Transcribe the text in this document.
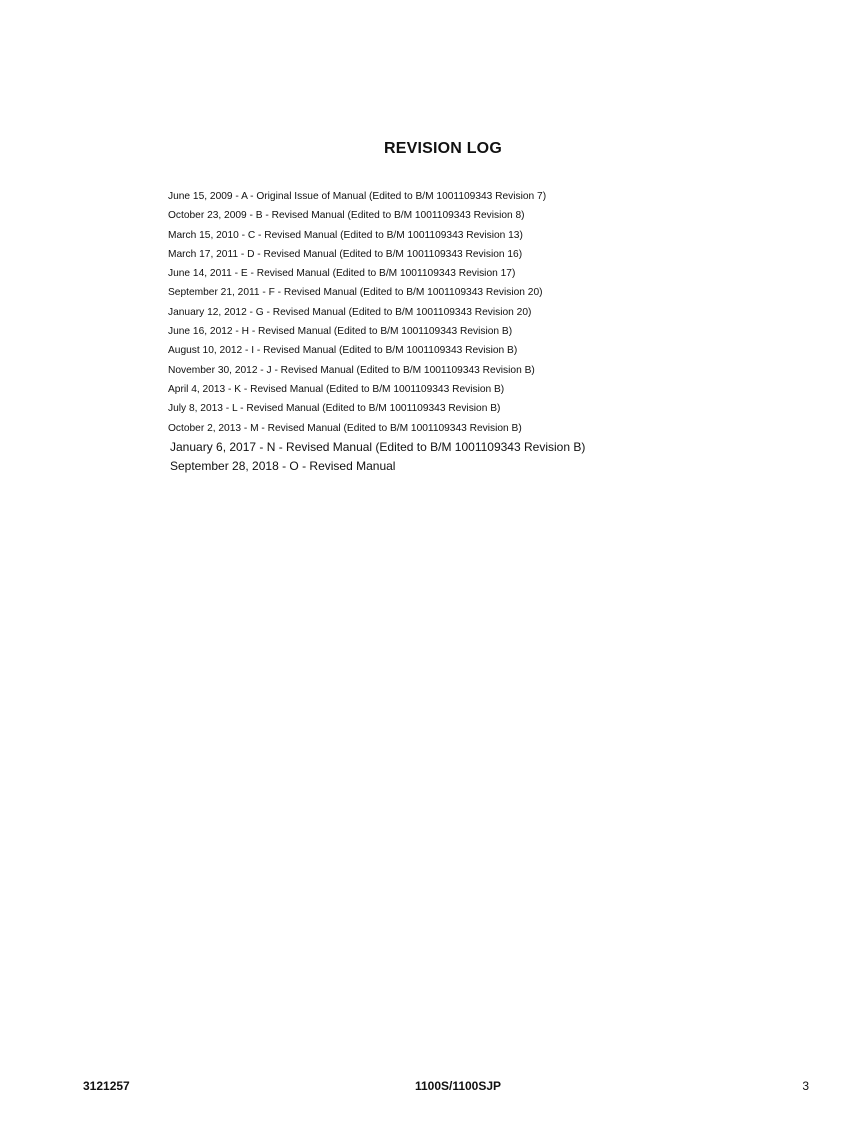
REVISION LOG
June 15, 2009 - A - Original Issue of Manual (Edited to B/M 1001109343 Revision 7)
October 23, 2009 - B - Revised Manual (Edited to B/M 1001109343 Revision 8)
March 15, 2010 - C - Revised Manual (Edited to B/M 1001109343 Revision 13)
March 17, 2011 - D - Revised Manual (Edited to B/M 1001109343 Revision 16)
June 14, 2011 - E - Revised Manual (Edited to B/M 1001109343 Revision 17)
September 21, 2011 - F - Revised Manual (Edited to B/M 1001109343 Revision 20)
January 12, 2012 - G - Revised Manual (Edited to B/M 1001109343 Revision 20)
June 16, 2012 - H - Revised Manual (Edited to B/M 1001109343 Revision B)
August 10, 2012 - I - Revised Manual (Edited to B/M 1001109343 Revision B)
November 30, 2012 - J - Revised Manual (Edited to B/M 1001109343 Revision B)
April 4, 2013 - K - Revised Manual (Edited to B/M 1001109343 Revision B)
July 8, 2013 - L - Revised Manual (Edited to B/M 1001109343 Revision B)
October 2, 2013 - M - Revised Manual (Edited to B/M 1001109343 Revision B)
January 6, 2017 - N - Revised Manual (Edited to B/M 1001109343 Revision B)
September 28, 2018 - O - Revised Manual
3121257	1100S/1100SJP	3
